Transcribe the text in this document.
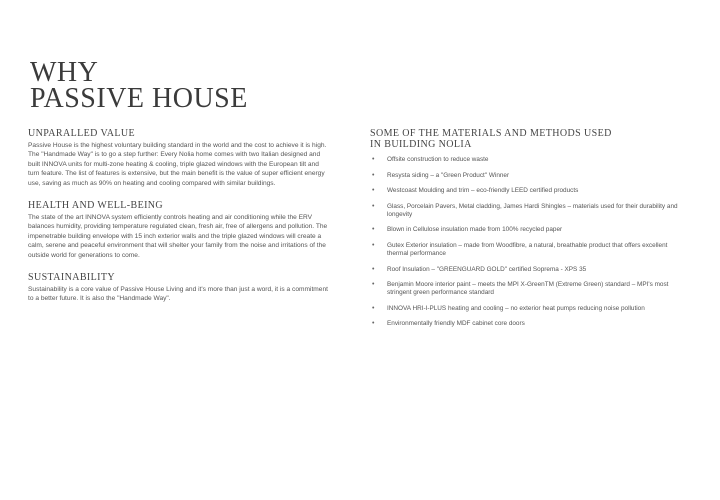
WHY
PASSIVE HOUSE
UNPARALLED VALUE

Passive House is the highest voluntary building standard in the world and the cost to achieve it is high. The "Handmade Way" is to go a step further: Every Nolia home comes with two Italian designed and built INNOVA units for multi-zone heating & cooling, triple glazed windows with the European tilt and turn feature. The list of features is extensive, but the main benefit is the value of super efficient energy use, saving as much as 90% on heating and cooling compared with similar buildings.

HEALTH AND WELL-BEING

The state of the art INNOVA system efficiently controls heating and air conditioning while the ERV balances humidity, providing temperature regulated clean, fresh air, free of allergens and pollution. The impenetrable building envelope with 15 inch exterior walls and the triple glazed windows will create a calm, serene and peaceful environment that will shelter your family from the noise and irritations of the outside world for generations to come.

SUSTAINABILITY

Sustainability is a core value of Passive House Living and it's more than just a word, it is a commitment to a better future. It is also the "Handmade Way".

SOME OF THE MATERIALS AND METHODS USED
IN BUILDING NOLIA
• Offsite construction to reduce waste
• Resysta siding – a "Green Product" Winner
• Westcoast Moulding and trim – eco-friendly LEED certified products
• Glass, Porcelain Pavers, Metal cladding, James Hardi Shingles – materials used for their durability and longevity
• Blown in Cellulose insulation made from 100% recycled paper
• Gutex Exterior insulation – made from Woodfibre, a natural, breathable product that offers excellent thermal performance
• Roof Insulation – "GREENGUARD GOLD" certified Soprema - XPS 35
• Benjamin Moore interior paint – meets the MPI X-GreenTM (Extreme Green) standard – MPI's most stringent green performance standard
• INNOVA HRI-I-PLUS heating and cooling – no exterior heat pumps reducing noise pollution
• Environmentally friendly MDF cabinet core doors
